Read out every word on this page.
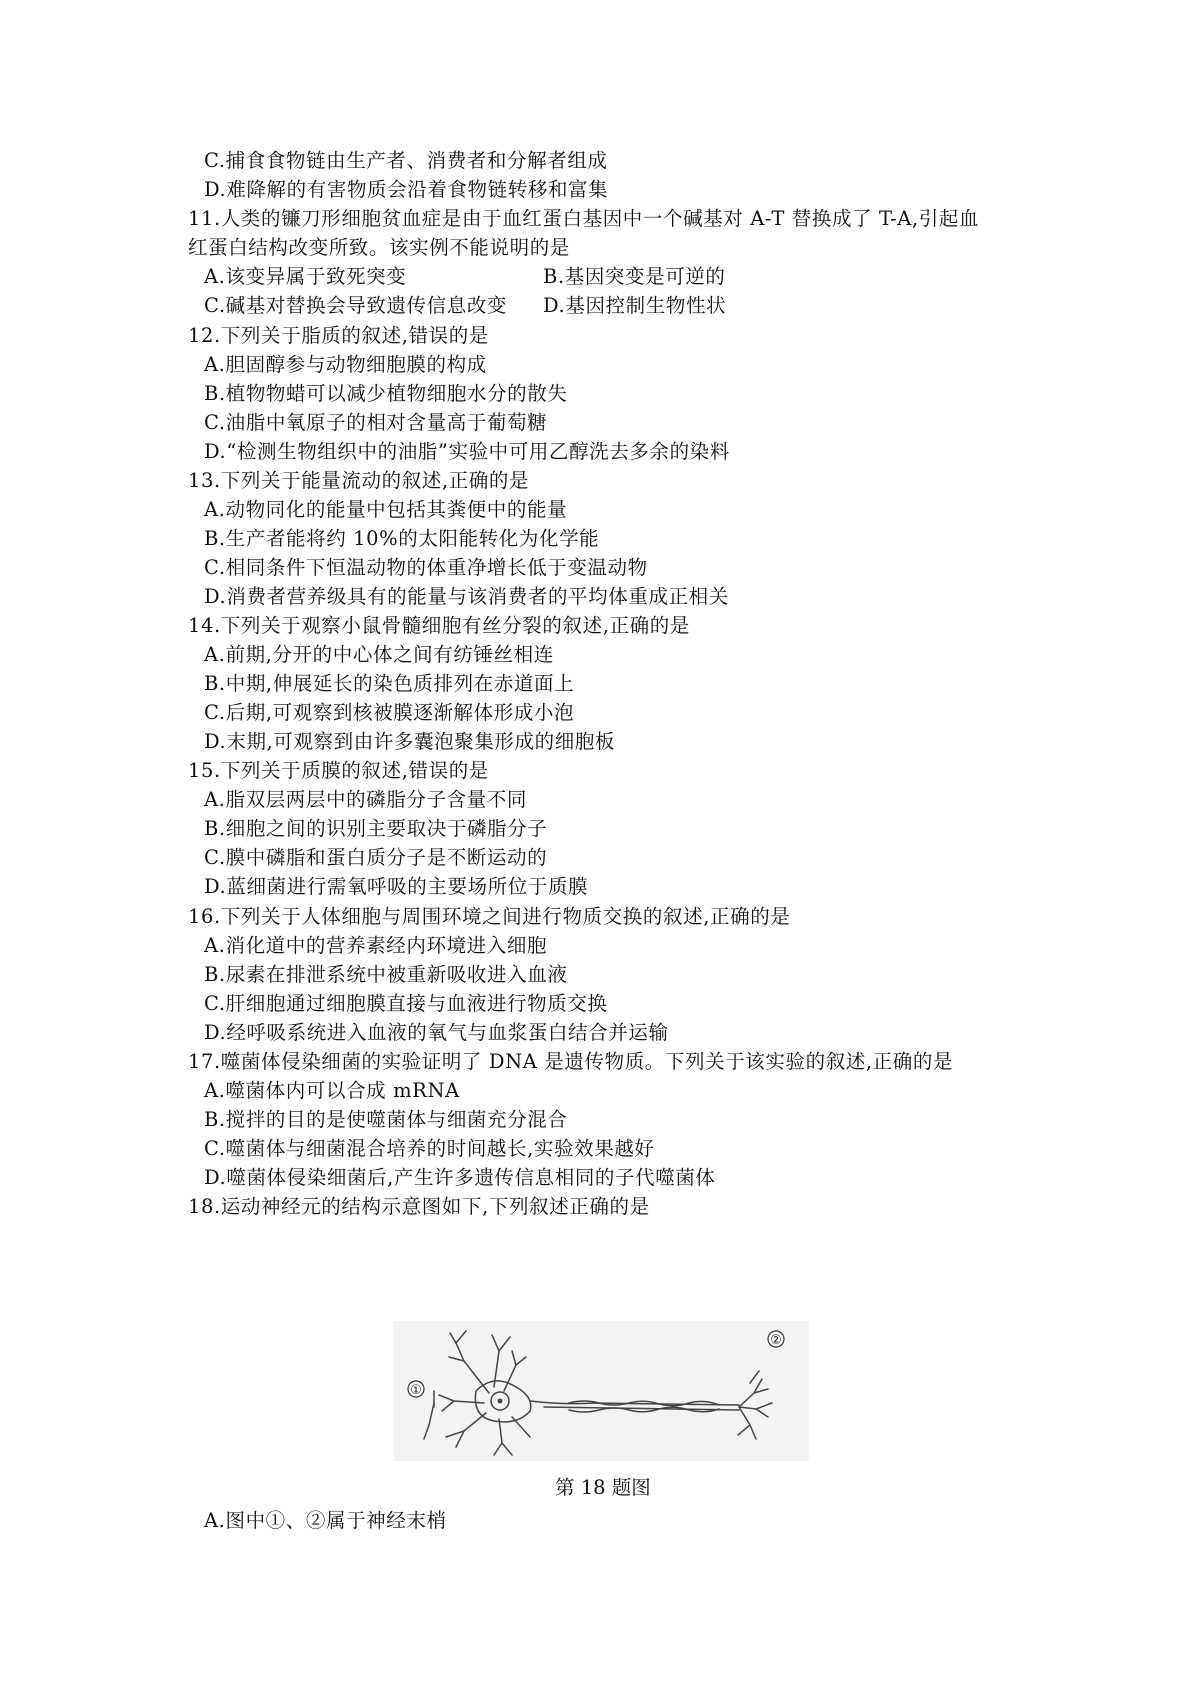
C.捕食食物链由生产者、消费者和分解者组成
D.难降解的有害物质会沿着食物链转移和富集
11.人类的镰刀形细胞贫血症是由于血红蛋白基因中一个碱基对 A-T 替换成了 T-A,引起血
红蛋白结构改变所致。该实例不能说明的是
A.该变异属于致死突变	B.基因突变是可逆的
C.碱基对替换会导致遗传信息改变 D.基因控制生物性状
12.下列关于脂质的叙述,错误的是
A.胆固醇参与动物细胞膜的构成
B.植物物蜡可以减少植物细胞水分的散失
C.油脂中氧原子的相对含量高于葡萄糖
D.“检测生物组织中的油脂”实验中可用乙醇洗去多余的染料
13.下列关于能量流动的叙述,正确的是
A.动物同化的能量中包括其粪便中的能量
B.生产者能将约 10%的太阳能转化为化学能
C.相同条件下恒温动物的体重净增长低于变温动物
D.消费者营养级具有的能量与该消费者的平均体重成正相关
14.下列关于观察小鼠骨髓细胞有丝分裂的叙述,正确的是
A.前期,分开的中心体之间有纺锤丝相连
B.中期,伸展延长的染色质排列在赤道面上
C.后期,可观察到核被膜逐渐解体形成小泡
D.末期,可观察到由许多囊泡聚集形成的细胞板
15.下列关于质膜的叙述,错误的是
A.脂双层两层中的磷脂分子含量不同
B.细胞之间的识别主要取决于磷脂分子
C.膜中磷脂和蛋白质分子是不断运动的
D.蓝细菌进行需氧呼吸的主要场所位于质膜
16.下列关于人体细胞与周围环境之间进行物质交换的叙述,正确的是
A.消化道中的营养素经内环境进入细胞
B.尿素在排泄系统中被重新吸收进入血液
C.肝细胞通过细胞膜直接与血液进行物质交换
D.经呼吸系统进入血液的氧气与血浆蛋白结合并运输
17.噬菌体侵染细菌的实验证明了 DNA 是遗传物质。下列关于该实验的叙述,正确的是
A.噬菌体内可以合成 mRNA
B.搅拌的目的是使噬菌体与细菌充分混合
C.噬菌体与细菌混合培养的时间越长,实验效果越好
D.噬菌体侵染细菌后,产生许多遗传信息相同的子代噬菌体
18.运动神经元的结构示意图如下,下列叙述正确的是
①
②
第 18 题图
A.图中①、②属于神经末梢
